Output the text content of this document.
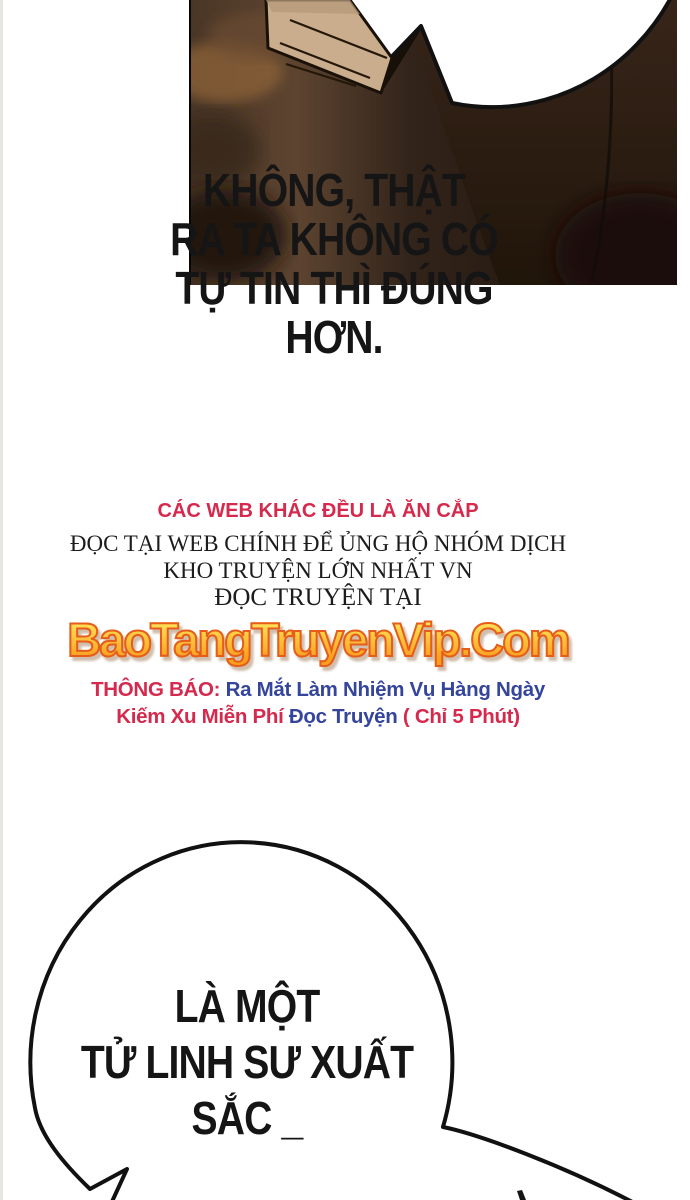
KHÔNG, THẬT
RA TA KHÔNG CÓ
TỰ TIN THÌ ĐÚNG
HƠN.
CÁC WEB KHÁC ĐỀU LÀ ĂN CẮP
ĐỌC TẠI WEB CHÍNH ĐỂ ỦNG HỘ NHÓM DỊCH
KHO TRUYỆN LỚN NHẤT VN
ĐỌC TRUYỆN TẠI
BaoTangTruyenVip.Com
THÔNG BÁO: Ra Mắt Làm Nhiệm Vụ Hàng Ngày
Kiếm Xu Miễn Phí Đọc Truyện ( Chỉ 5 Phút)
LÀ MỘT
TỬ LINH SƯ XUẤT
SẮC _
